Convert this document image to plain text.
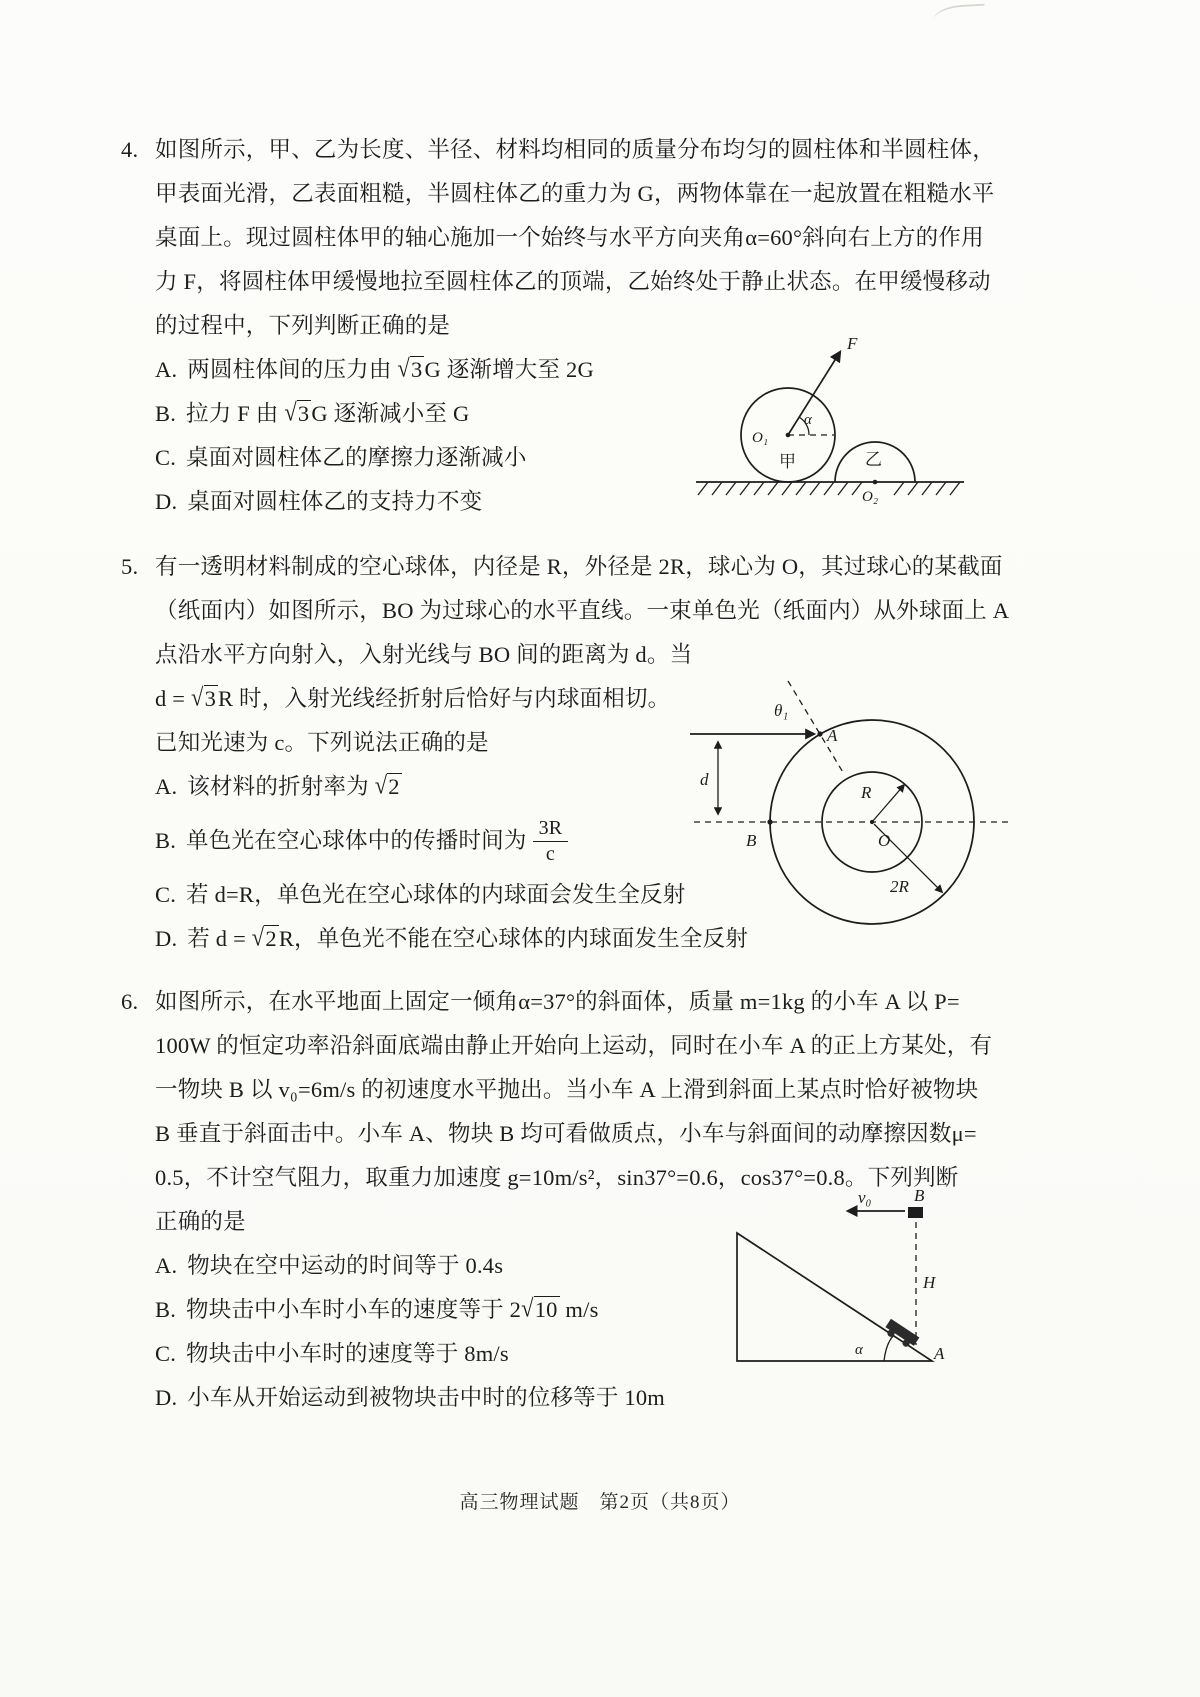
4. 如图所示，甲、乙为长度、半径、材料均相同的质量分布均匀的圆柱体和半圆柱体，
甲表面光滑，乙表面粗糙，半圆柱体乙的重力为 G，两物体靠在一起放置在粗糙水平
桌面上。现过圆柱体甲的轴心施加一个始终与水平方向夹角α=60°斜向右上方的作用
力 F，将圆柱体甲缓慢地拉至圆柱体乙的顶端，乙始终处于静止状态。在甲缓慢移动
的过程中，下列判断正确的是
A. 两圆柱体间的压力由 √3G 逐渐增大至 2G
B. 拉力 F 由 √3G 逐渐减小至 G
C. 桌面对圆柱体乙的摩擦力逐渐减小
D. 桌面对圆柱体乙的支持力不变
F
α
O₁
甲	乙
O₂
5. 有一透明材料制成的空心球体，内径是 R，外径是 2R，球心为 O，其过球心的某截面
（纸面内）如图所示，BO 为过球心的水平直线。一束单色光（纸面内）从外球面上 A
点沿水平方向射入，入射光线与 BO 间的距离为 d。当
d = √3R 时，入射光线经折射后恰好与内球面相切。
已知光速为 c。下列说法正确的是
A. 该材料的折射率为 √2
B. 单色光在空心球体中的传播时间为 $\frac{3R}{c}$
C. 若 d=R，单色光在空心球体的内球面会发生全反射
D. 若 d = √2R，单色光不能在空心球体的内球面发生全反射
θ₁
A
B	O
R
2R
d
6. 如图所示，在水平地面上固定一倾角α=37°的斜面体，质量 m=1kg 的小车 A 以 P=
100W 的恒定功率沿斜面底端由静止开始向上运动，同时在小车 A 的正上方某处，有
一物块 B 以 v₀=6m/s 的初速度水平抛出。当小车 A 上滑到斜面上某点时恰好被物块
B 垂直于斜面击中。小车 A、物块 B 均可看做质点，小车与斜面间的动摩擦因数μ=
0.5，不计空气阻力，取重力加速度 g=10m/s²，sin37°=0.6，cos37°=0.8。下列判断
正确的是
A. 物块在空中运动的时间等于 0.4s
B. 物块击中小车时小车的速度等于 2√10 m/s
C. 物块击中小车时的速度等于 8m/s
D. 小车从开始运动到被物块击中时的位移等于 10m
v₀	B
H
α	A
高三物理试题　第2页（共8页）
